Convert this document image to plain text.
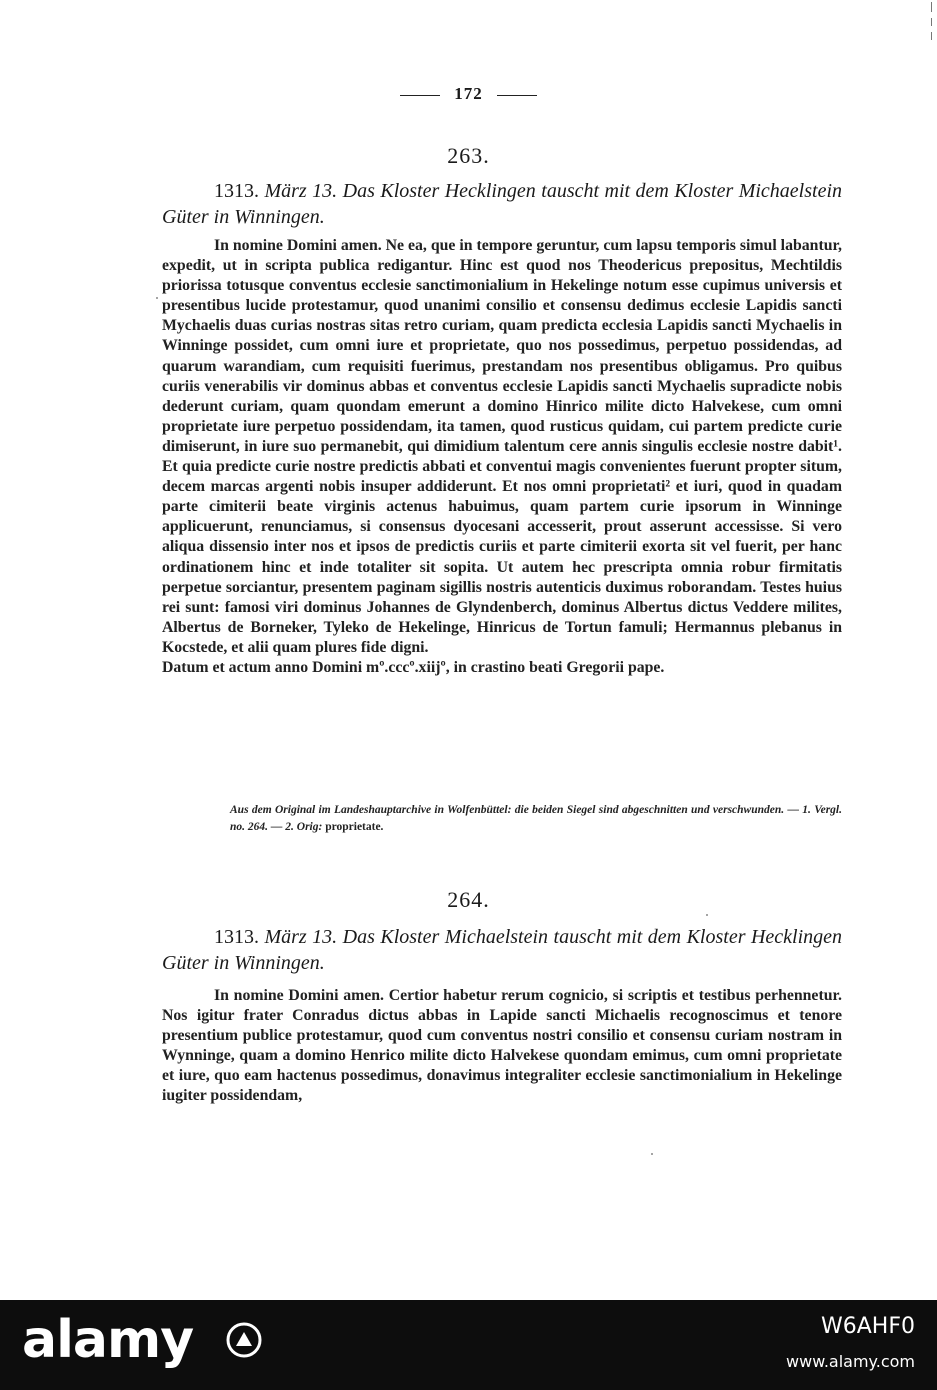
172
263.
1313. März 13. Das Kloster Hecklingen tauscht mit dem Kloster Michaelstein Güter in Winningen.

In nomine Domini amen. Ne ea, que in tempore geruntur, cum lapsu temporis simul labantur, expedit, ut in scripta publica redigantur. Hinc est quod nos Theodericus prepositus, Mechtildis priorissa totusque conventus ecclesie sanctimonialium in Hekelinge notum esse cupimus universis et presentibus lucide protestamur, quod unanimi consilio et consensu dedimus ecclesie Lapidis sancti Mychaelis duas curias nostras sitas retro curiam, quam predicta ecclesia Lapidis sancti Mychaelis in Winninge possidet, cum omni iure et proprietate, quo nos possedimus, perpetuo possidendas, ad quarum warandiam, cum requisiti fuerimus, prestandam nos presentibus obligamus. Pro quibus curiis venerabilis vir dominus abbas et conventus ecclesie Lapidis sancti Mychaelis supradicte nobis dederunt curiam, quam quondam emerunt a domino Hinrico milite dicto Halvekese, cum omni proprietate iure perpetuo possidendam, ita tamen, quod rusticus quidam, cui partem predicte curie dimiserunt, in iure suo permanebit, qui dimidium talentum cere annis singulis ecclesie nostre dabit¹. Et quia predicte curie nostre predictis abbati et conventui magis convenientes fuerunt propter situm, decem marcas argenti nobis insuper addiderunt. Et nos omni proprietati² et iuri, quod in quadam parte cimiterii beate virginis actenus habuimus, quam partem curie ipsorum in Winninge applicuerunt, renunciamus, si consensus dyocesani accesserit, prout asserunt accessisse. Si vero aliqua dissensio inter nos et ipsos de predictis curiis et parte cimiterii exorta sit vel fuerit, per hanc ordinationem hinc et inde totaliter sit sopita. Ut autem hec prescripta omnia robur firmitatis perpetue sorciantur, presentem paginam sigillis nostris autenticis duximus roborandam. Testes huius rei sunt: famosi viri dominus Johannes de Glyndenberch, dominus Albertus dictus Veddere milites, Albertus de Borneker, Tyleko de Hekelinge, Hinricus de Tortun famuli; Hermannus plebanus in Kocstede, et alii quam plures fide digni.

Datum et actum anno Domini mº.cccº.xiijº, in crastino beati Gregorii pape.

Aus dem Original im Landeshauptarchive in Wolfenbüttel: die beiden Siegel sind abgeschnitten und verschwunden. — 1. Vergl. no. 264. — 2. Orig: proprietate.
264.
1313. März 13. Das Kloster Michaelstein tauscht mit dem Kloster Hecklingen Güter in Winningen.

In nomine Domini amen. Certior habetur rerum cognicio, si scriptis et testibus perhennetur. Nos igitur frater Conradus dictus abbas in Lapide sancti Michaelis recognoscimus et tenore presentium publice protestamur, quod cum conventus nostri consilio et consensu curiam nostram in Wynninge, quam a domino Henrico milite dicto Halvekese quondam emimus, cum omni proprietate et iure, quo eam hactenus possedimus, donavimus integraliter ecclesie sanctimonialium in Hekelinge iugiter possidendam,

alamy	W6AHF0
www.alamy.com
